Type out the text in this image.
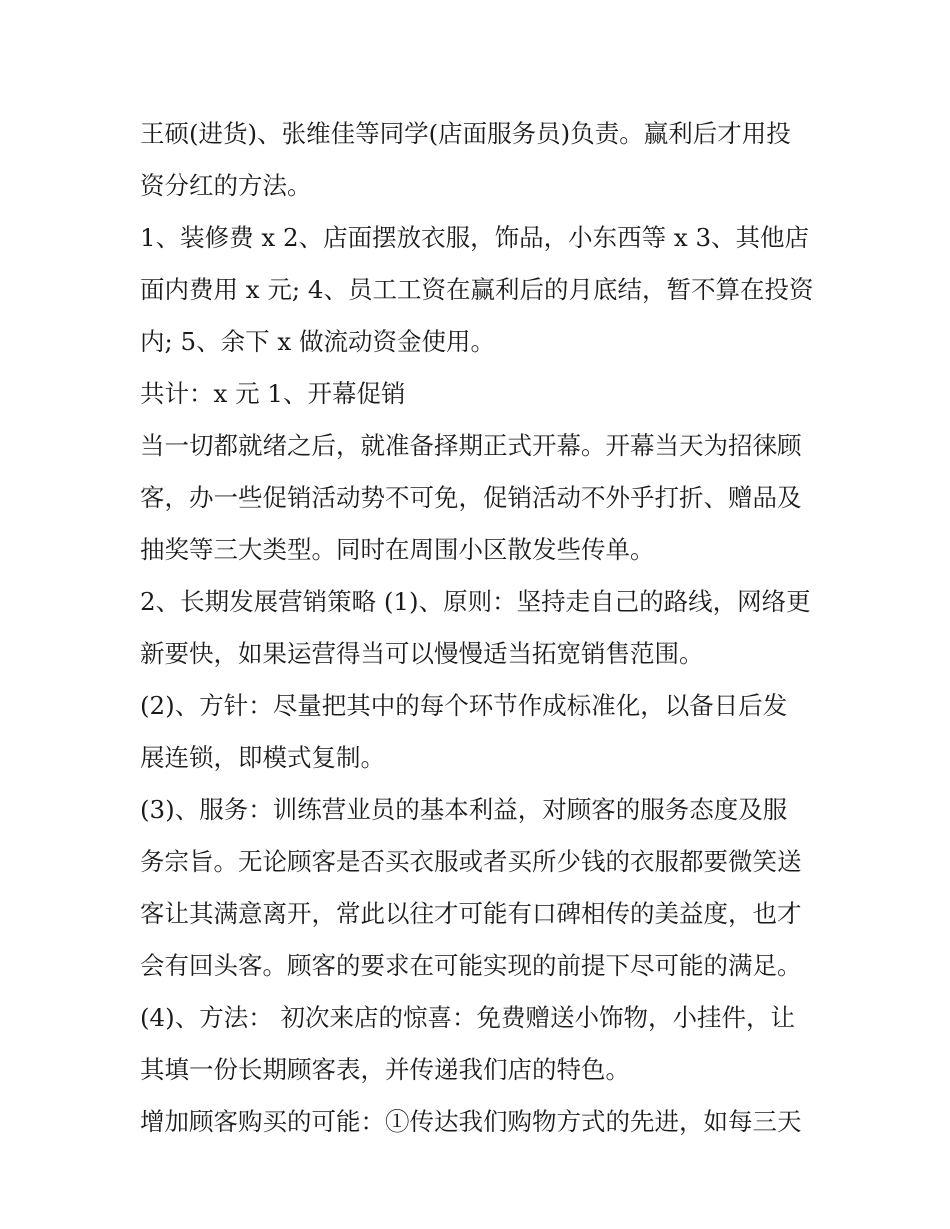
王硕(进货)、张维佳等同学(店面服务员)负责。赢利后才用投
资分红的方法。
1、装修费 x 2、店面摆放衣服，饰品，小东西等 x 3、其他店
面内费用 x 元; 4、员工工资在赢利后的月底结，暂不算在投资
内; 5、余下 x 做流动资金使用。
共计：x 元 1、开幕促销
当一切都就绪之后，就准备择期正式开幕。开幕当天为招徕顾
客，办一些促销活动势不可免，促销活动不外乎打折、赠品及
抽奖等三大类型。同时在周围小区散发些传单。
2、长期发展营销策略 (1)、原则：坚持走自己的路线，网络更
新要快，如果运营得当可以慢慢适当拓宽销售范围。
(2)、方针：尽量把其中的每个环节作成标准化，以备日后发
展连锁，即模式复制。
(3)、服务：训练营业员的基本利益，对顾客的服务态度及服
务宗旨。无论顾客是否买衣服或者买所少钱的衣服都要微笑送
客让其满意离开，常此以往才可能有口碑相传的美益度，也才
会有回头客。顾客的要求在可能实现的前提下尽可能的满足。
(4)、方法： 初次来店的惊喜：免费赠送小饰物，小挂件，让
其填一份长期顾客表，并传递我们店的特色。
增加顾客购买的可能：①传达我们购物方式的先进，如每三天
